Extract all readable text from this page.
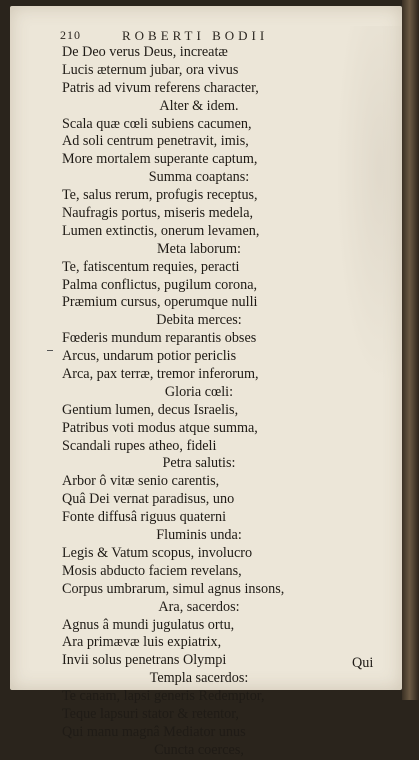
210	ROBERTI BODII
De Deo verus Deus, increatæ
Lucis æternum jubar, ora vivus
Patris ad vivum referens character,
Alter & idem.
Scala quæ cœli subiens cacumen,
Ad soli centrum penetravit, imis,
More mortalem superante captum,
Summa coaptans:
Te, salus rerum, profugis receptus,
Naufragis portus, miseris medela,
Lumen extinctis, onerum levamen,
Meta laborum:
Te, fatiscentum requies, peracti
Palma conflictus, pugilum corona,
Præmium cursus, operumque nulli
Debita merces:
Fœderis mundum reparantis obses
Arcus, undarum potior periclis
Arca, pax terræ, tremor inferorum,
Gloria cœli:
Gentium lumen, decus Israelis,
Patribus voti modus atque summa,
Scandali rupes atheo, fideli
Petra salutis:
Arbor ô vitæ senio carentis,
Quâ Dei vernat paradisus, uno
Fonte diffusâ riguus quaterni
Fluminis unda:
Legis & Vatum scopus, involucro
Mosis abducto faciem revelans,
Corpus umbrarum, simul agnus insons,
Ara, sacerdos:
Agnus â mundi jugulatus ortu,
Ara primævæ luis expiatrix,
Invii solus penetrans Olympi
Templa sacerdos:
Te canam, lapsi generis Redemptor,
Teque lapsuri stator & retentor,
Qui manu magnâ Mediator unus
Cuncta coerces,
Qui
